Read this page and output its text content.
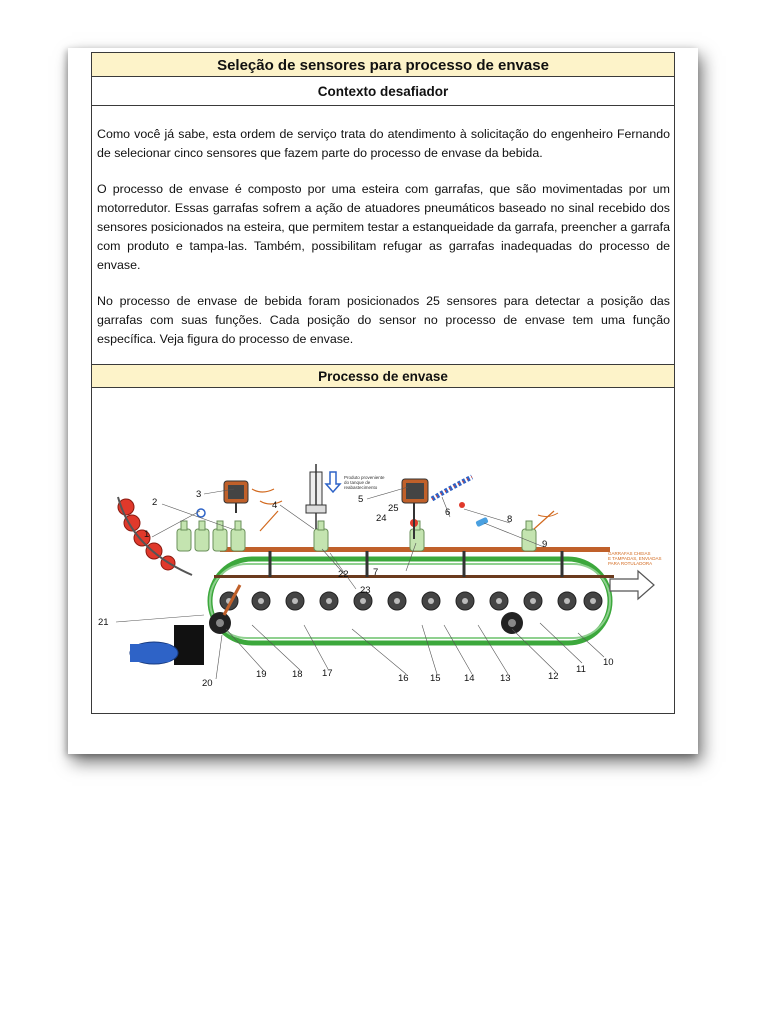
Seleção de sensores para processo de envase
Contexto desafiador

Como você já sabe, esta ordem de serviço trata do atendimento à solicitação do engenheiro Fernando de selecionar cinco sensores que fazem parte do processo de envase da bebida.

O processo de envase é composto por uma esteira com garrafas, que são movimentadas por um motorredutor. Essas garrafas sofrem a ação de atuadores pneumáticos baseado no sinal recebido dos sensores posicionados na esteira, que permitem testar a estanqueidade da garrafa, preencher a garrafa com produto e tampa-las. Também, possibilitam refugar as garrafas inadequadas do processo de envase.

No processo de envase de bebida foram posicionados 25 sensores para detectar a posição das garrafas com suas funções. Cada posição do sensor no processo de envase tem uma função específica. Veja figura do processo de envase.

Processo de envase
Produto proveniente
do tanque de
reabastecimento
GARRAFAS CHEIAS
E TAMPADAS, ENVIADAS
PARA ROTULADORA
1
2
3
4
5
6
7
8
9
10
11
12
13
14
15
16
17
18
19
20
21
22
23
24
25
